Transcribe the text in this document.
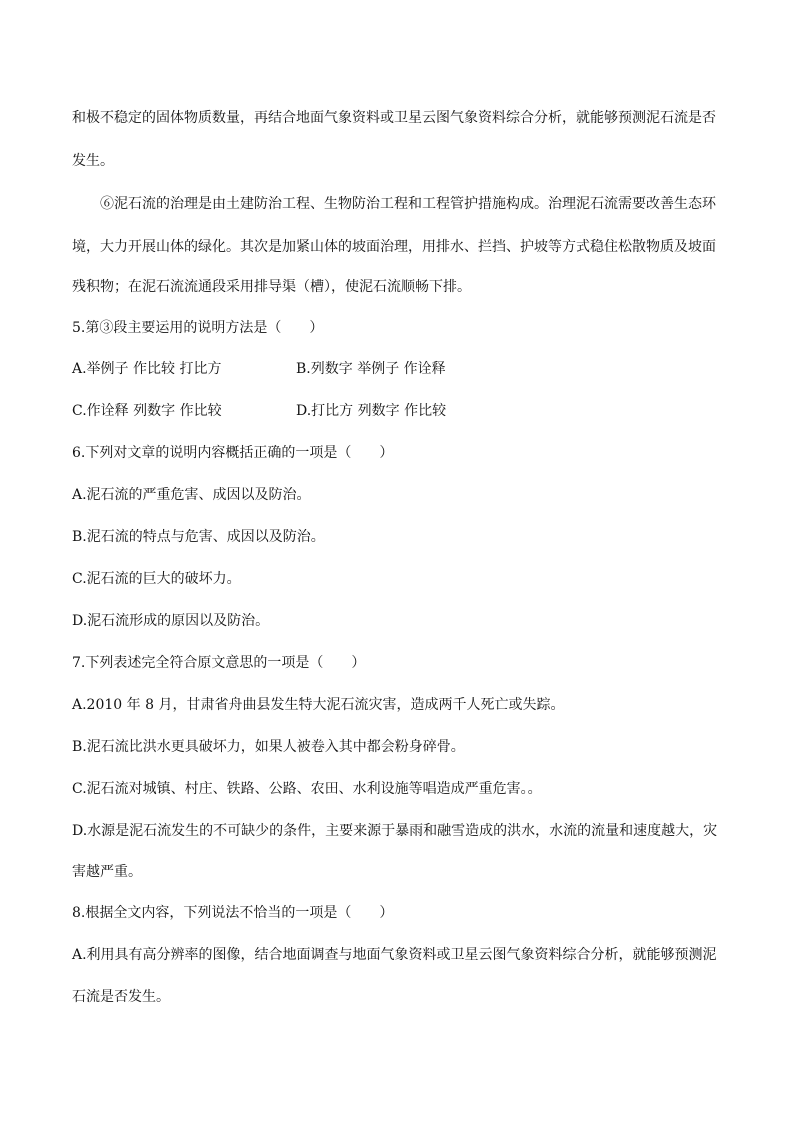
和极不稳定的固体物质数量，再结合地面气象资料或卫星云图气象资料综合分析，就能够预测泥石流是否
发生。
⑥泥石流的治理是由土建防治工程、生物防治工程和工程管护措施构成。治理泥石流需要改善生态环
境，大力开展山体的绿化。其次是加紧山体的坡面治理，用排水、拦挡、护坡等方式稳住松散物质及坡面
残积物；在泥石流流通段采用排导渠（槽），使泥石流顺畅下排。
5.第③段主要运用的说明方法是（　　）
A.举例子 作比较 打比方	B.列数字 举例子 作诠释
C.作诠释 列数字 作比较	D.打比方 列数字 作比较
6.下列对文章的说明内容概括正确的一项是（　　）
A.泥石流的严重危害、成因以及防治。
B.泥石流的特点与危害、成因以及防治。
C.泥石流的巨大的破坏力。
D.泥石流形成的原因以及防治。
7.下列表述完全符合原文意思的一项是（　　）
A.2010 年 8 月，甘肃省舟曲县发生特大泥石流灾害，造成两千人死亡或失踪。
B.泥石流比洪水更具破坏力，如果人被卷入其中都会粉身碎骨。
C.泥石流对城镇、村庄、铁路、公路、农田、水利设施等唱造成严重危害。。
D.水源是泥石流发生的不可缺少的条件，主要来源于暴雨和融雪造成的洪水，水流的流量和速度越大，灾
害越严重。
8.根据全文内容，下列说法不恰当的一项是（　　）
A.利用具有高分辨率的图像，结合地面调查与地面气象资料或卫星云图气象资料综合分析，就能够预测泥
石流是否发生。
